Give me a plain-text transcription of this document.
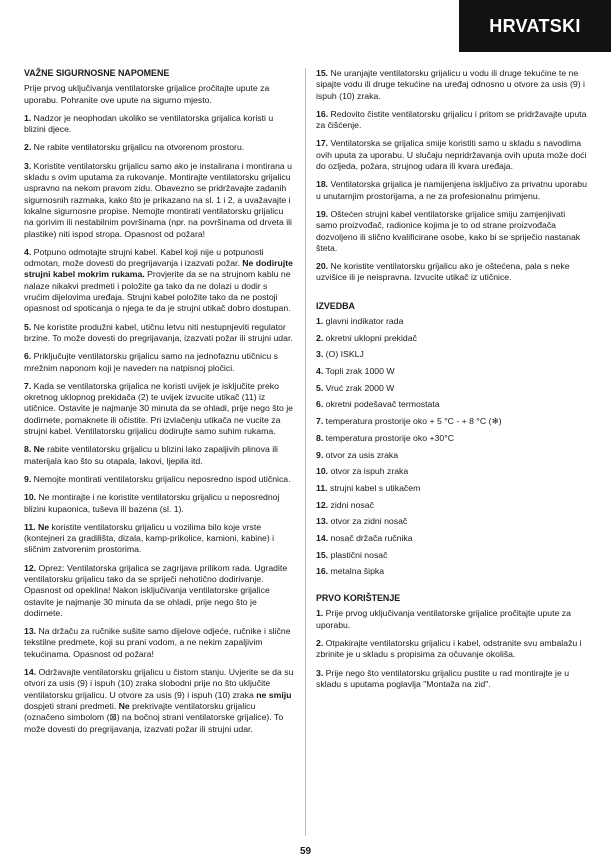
HRVATSKI
VAŽNE SIGURNOSNE NAPOMENE
Prije prvog uključivanja ventilatorske grijalice pročitajte upute za uporabu. Pohranite ove upute na sigurno mjesto.
1. Nadzor je neophodan ukoliko se ventilatorska grijalica koristi u blizini djece.
2. Ne rabite ventilatorsku grijalicu na otvorenom prostoru.
3. Koristite ventilatorsku grijalicu samo ako je instalirana i montirana u skladu s ovim uputama za rukovanje. Montirajte ventilatorsku grijalicu uspravno na nekom pravom zidu. Obavezno se pridržavajte zadanih sigurnosnih razmaka, kako što je prikazano na sl. 1 i 2, a uvažavajte i lokalne sigurnosne propise. Nemojte montirati ventilatorsku grijalicu na gorivim ili nestabilnim površinama (npr. na površinama od drveta ili plastike) niti ispod stropa. Opasnost od požara!
4. Potpuno odmotajte strujni kabel. Kabel koji nije u potpunosti odmotan, može dovesti do pregrijavanja i izazvati požar. Ne dodirujte strujni kabel mokrim rukama. Provjerite da se na strujnom kablu ne nalaze nikakvi predmeti i položite ga tako da ne dolazi u dodir s vrućim dijelovima uređaja. Strujni kabel položite tako da ne postoji opasnost od spoticanja o njega te da je strujni utikač dobro dostupan.
5. Ne koristite produžni kabel, utičnu letvu niti nestupnjeviti regulator brzine. To može dovesti do pregrijavanja, izazvati požar ili strujni udar.
6. Priključujte ventilatorsku grijalicu samo na jednofaznu utičnicu s mrežnim naponom koji je naveden na natpisnoj pločici.
7. Kada se ventilatorska grijalica ne koristi uvijek je isključite preko okretnog uklopnog prekidača (2) te uvijek izvucite utikač (11) iz utičnice. Ostavite je najmanje 30 minuta da se ohladi, prije nego što je dodirnete, pomaknete ili očistite. Pri izvlačenju utikača ne vucite za strujni kabel. Ventilatorsku grijalicu dodirujte samo suhim rukama.
8. Ne rabite ventilatorsku grijalicu u blizini lako zapaljivih plinova ili materijala kao što su otapala, lakovi, ljepila itd.
9. Nemojte montirati ventilatorsku grijalicu neposredno ispod utičnica.
10. Ne montirajte i ne koristite ventilatorsku grijalicu u neposrednoj blizini kupaonica, tuševa ili bazena (sl. 1).
11. Ne koristite ventilatorsku grijalicu u vozilima bilo koje vrste (kontejneri za gradilišta, dizala, kamp-prikolice, kamioni, kabine) i sličnim zatvorenim prostorima.
12. Oprez: Ventilatorska grijalica se zagrijava prilikom rada. Ugradite ventilatorsku grijalicu tako da se spriječi nehotično dodirivanje. Opasnost od opeklina! Nakon isključivanja ventilatorske grijalice ostavite je najmanje 30 minuta da se ohladi, prije nego što je dodirnete.
13. Na držaču za ručnike sušite samo dijelove odjeće, ručnike i slične tekstilne predmete, koji su prani vodom, a ne nekim zapaljivim tekućinama. Opasnost od požara!
14. Održavajte ventilatorsku grijalicu u čistom stanju. Uvjerite se da su otvori za usis (9) i ispuh (10) zraka slobodni prije no što uključite ventilatorsku grijalicu. U otvore za usis (9) i ispuh (10) zraka ne smiju dospjeti strani predmeti. Ne prekrivajte ventilatorsku grijalicu (označeno simbolom (⊠) na bočnoj strani ventilatorske grijalice). To može dovesti do pregrijavanja, izazvati požar ili strujni udar.
15. Ne uranjajte ventilatorsku grijalicu u vodu ili druge tekućine te ne sipajte vodu ili druge tekućine na uređaj odnosno u otvore za usis (9) i ispuh (10) zraka.
16. Redovito čistite ventilatorsku grijalicu i pritom se pridržavajte uputa za čišćenje.
17. Ventilatorska se grijalica smije koristiti samo u skladu s navodima ovih uputa za uporabu. U slučaju nepridržavanja ovih uputa može doći do ozljeda, požara, strujnog udara ili kvara uređaja.
18. Ventilatorska grijalica je namijenjena isključivo za privatnu uporabu u unutarnjim prostorijama, a ne za profesionalnu primjenu.
19. Oštećen strujni kabel ventilatorske grijalice smiju zamjenjivati samo proizvođač, radionice kojima je to od strane proizvođača dozvoljeno ili slično kvalificirane osobe, kako bi se spriječio nastanak šteta.
20. Ne koristite ventilatorsku grijalicu ako je oštećena, pala s neke uzvišice ili je neispravna. Izvucite utikač iz utičnice.
IZVEDBA
1. glavni indikator rada
2. okretni uklopni prekidač
3. (O) ISKLJ
4. Topli zrak 1000 W
5. Vruć zrak 2000 W
6. okretni podešavač termostata
7. temperatura prostorije oko + 5 °C - + 8 °C (❄)
8. temperatura prostorije oko +30°C
9. otvor za usis zraka
10. otvor za ispuh zraka
11. strujni kabel s utikačem
12. zidni nosač
13. otvor za zidni nosač
14. nosač držača ručnika
15. plastični nosač
16. metalna šipka
PRVO KORIŠTENJE
1. Prije prvog uključivanja ventilatorske grijalice pročitajte upute za uporabu.
2. Otpakirajte ventilatorsku grijalicu i kabel, odstranite svu ambalažu i zbrinite je u skladu s propisima za očuvanje okoliša.
3. Prije nego što ventilatorsku grijalicu pustite u rad montirajte je u skladu s uputama poglavlja "Montaža na zid".
59
